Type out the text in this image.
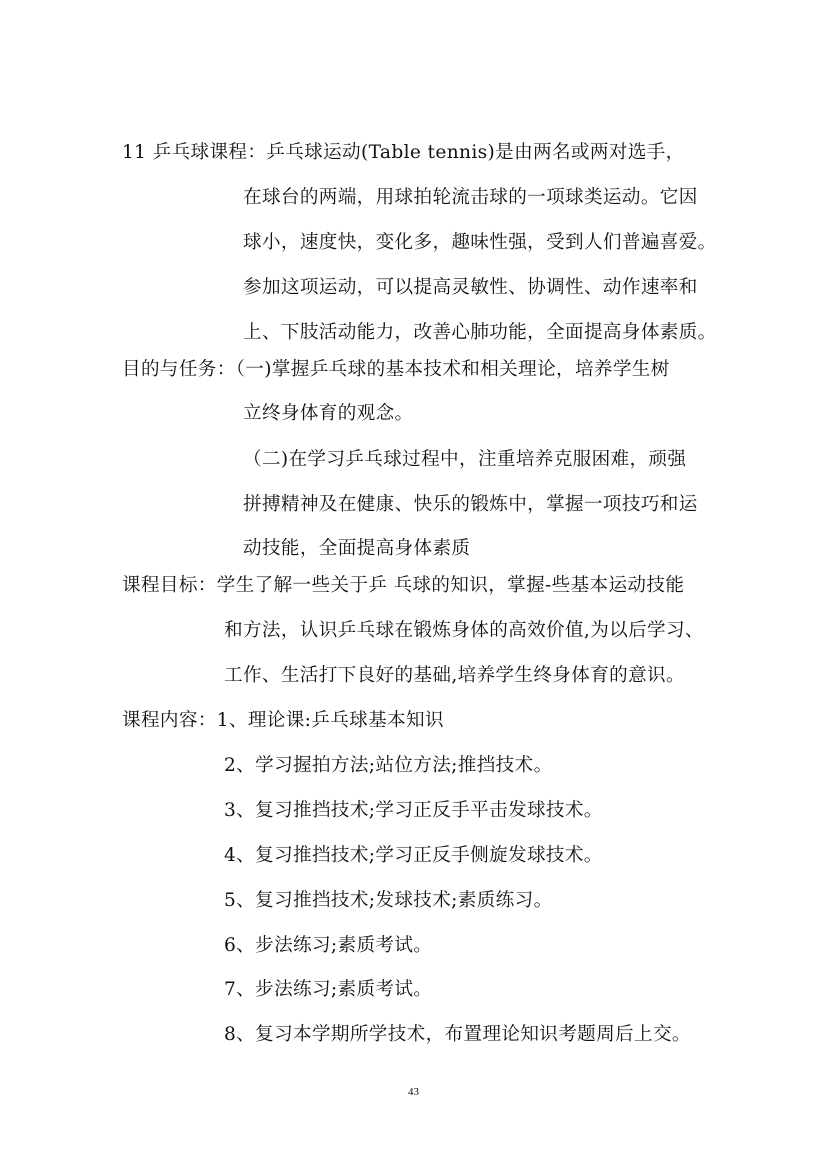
11 乒乓球课程：乒乓球运动(Table tennis)是由两名或两对选手，
在球台的两端，用球拍轮流击球的一项球类运动。它因
球小，速度快，变化多，趣味性强，受到人们普遍喜爱。
参加这项运动，可以提高灵敏性、协调性、动作速率和
上、下肢活动能力，改善心肺功能，全面提高身体素质。
目的与任务：（一)掌握乒乓球的基本技术和相关理论，培养学生树
立终身体育的观念。
（二)在学习乒乓球过程中，注重培养克服困难，顽强
拼搏精神及在健康、快乐的锻炼中，掌握一项技巧和运
动技能，全面提高身体素质
课程目标：学生了解一些关于乒 乓球的知识，掌握-些基本运动技能
和方法，认识乒乓球在锻炼身体的高效价值,为以后学习、
工作、生活打下良好的基础,培养学生终身体育的意识。
课程内容：1、理论课:乒乓球基本知识
2、学习握拍方法;站位方法;推挡技术。
3、复习推挡技术;学习正反手平击发球技术。
4、复习推挡技术;学习正反手侧旋发球技术。
5、复习推挡技术;发球技术;素质练习。
6、步法练习;素质考试。
7、步法练习;素质考试。
8、复习本学期所学技术，布置理论知识考题周后上交。
43
